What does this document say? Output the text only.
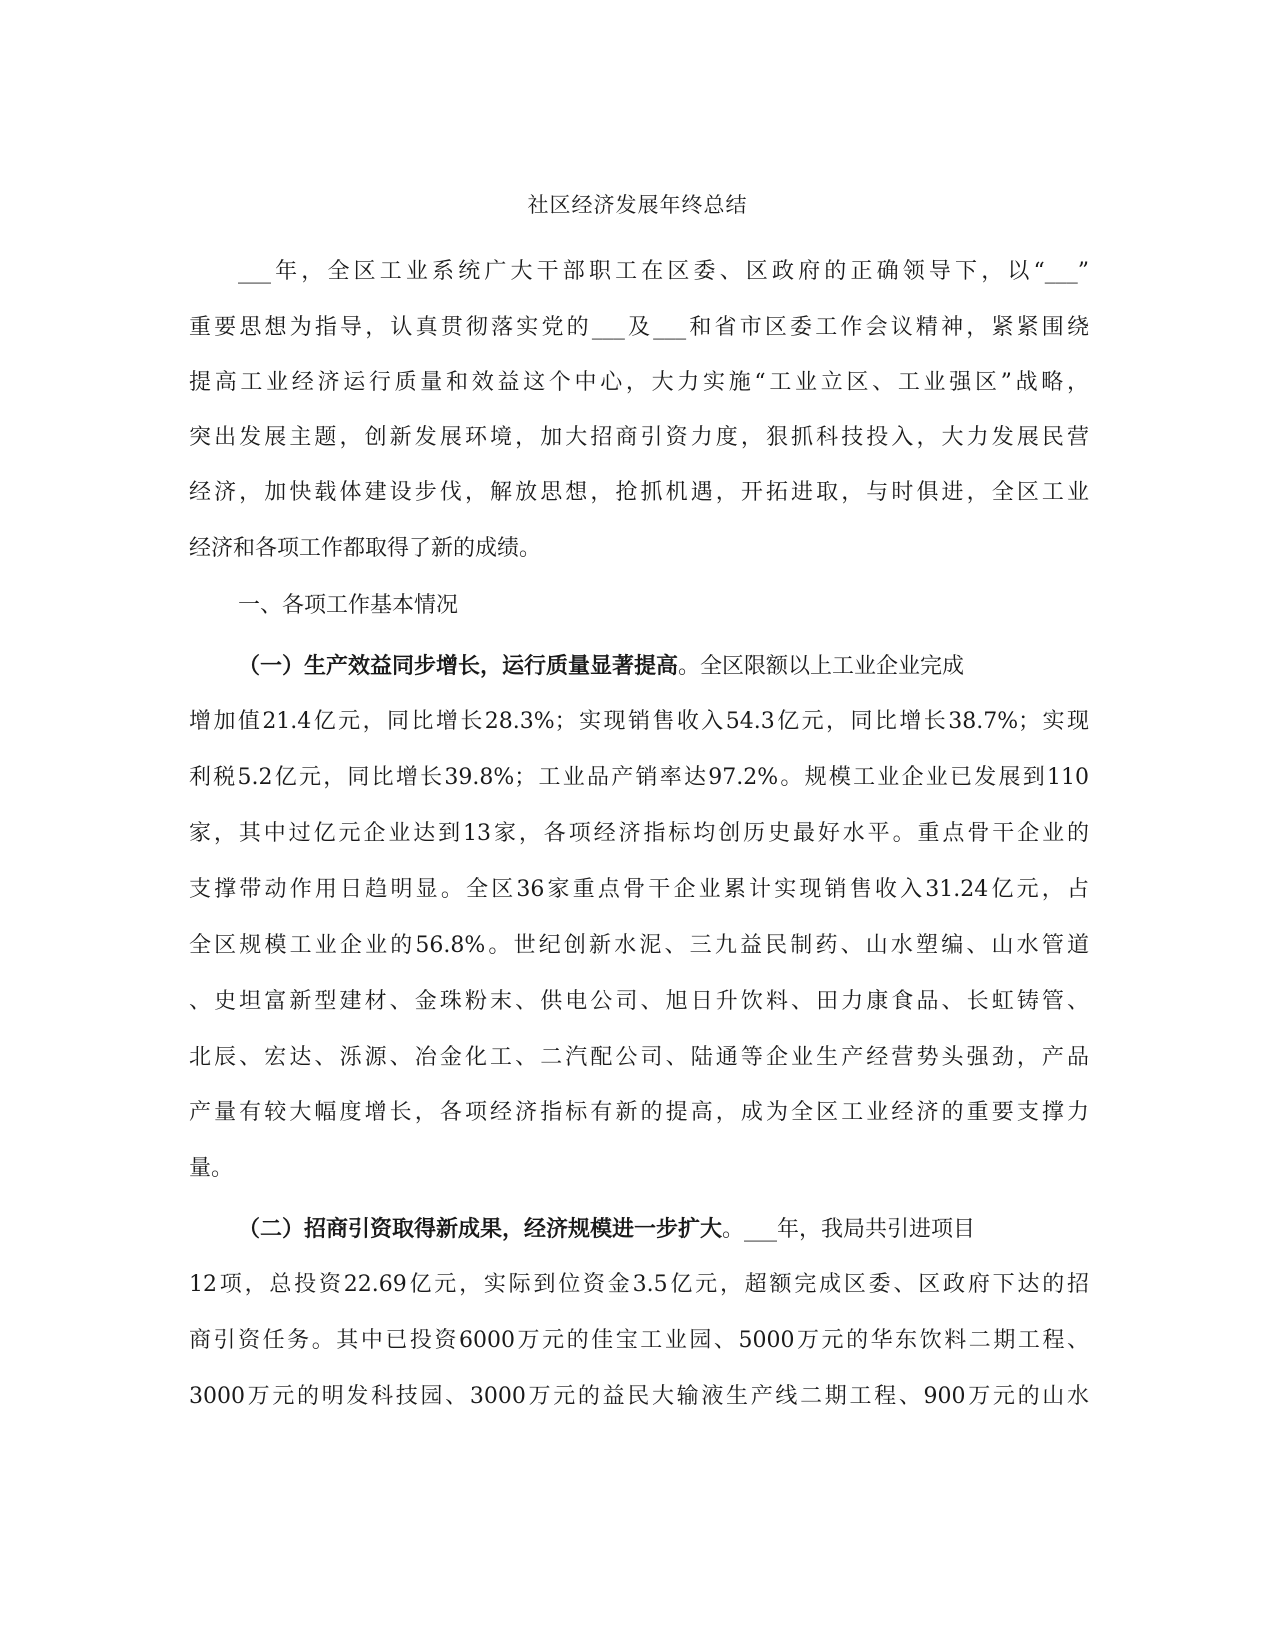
社区经济发展年终总结
___年，全区工业系统广大干部职工在区委、区政府的正确领导下，以“___”
重要思想为指导，认真贯彻落实党的___及___和省市区委工作会议精神，紧紧围绕
提高工业经济运行质量和效益这个中心，大力实施“工业立区、工业强区”战略，
突出发展主题，创新发展环境，加大招商引资力度，狠抓科技投入，大力发展民营
经济，加快载体建设步伐，解放思想，抢抓机遇，开拓进取，与时俱进，全区工业
经济和各项工作都取得了新的成绩。
一、各项工作基本情况
（一）生产效益同步增长，运行质量显著提高。全区限额以上工业企业完成
增加值21.4亿元，同比增长28.3%；实现销售收入54.3亿元，同比增长38.7%；实现
利税5.2亿元，同比增长39.8%；工业品产销率达97.2%。规模工业企业已发展到110
家，其中过亿元企业达到13家，各项经济指标均创历史最好水平。重点骨干企业的
支撑带动作用日趋明显。全区36家重点骨干企业累计实现销售收入31.24亿元，占
全区规模工业企业的56.8%。世纪创新水泥、三九益民制药、山水塑编、山水管道
、史坦富新型建材、金珠粉末、供电公司、旭日升饮料、田力康食品、长虹铸管、
北辰、宏达、泺源、冶金化工、二汽配公司、陆通等企业生产经营势头强劲，产品
产量有较大幅度增长，各项经济指标有新的提高，成为全区工业经济的重要支撑力
量。
（二）招商引资取得新成果，经济规模进一步扩大。___年，我局共引进项目
12项，总投资22.69亿元，实际到位资金3.5亿元，超额完成区委、区政府下达的招
商引资任务。其中已投资6000万元的佳宝工业园、5000万元的华东饮料二期工程、
3000万元的明发科技园、3000万元的益民大输液生产线二期工程、900万元的山水
